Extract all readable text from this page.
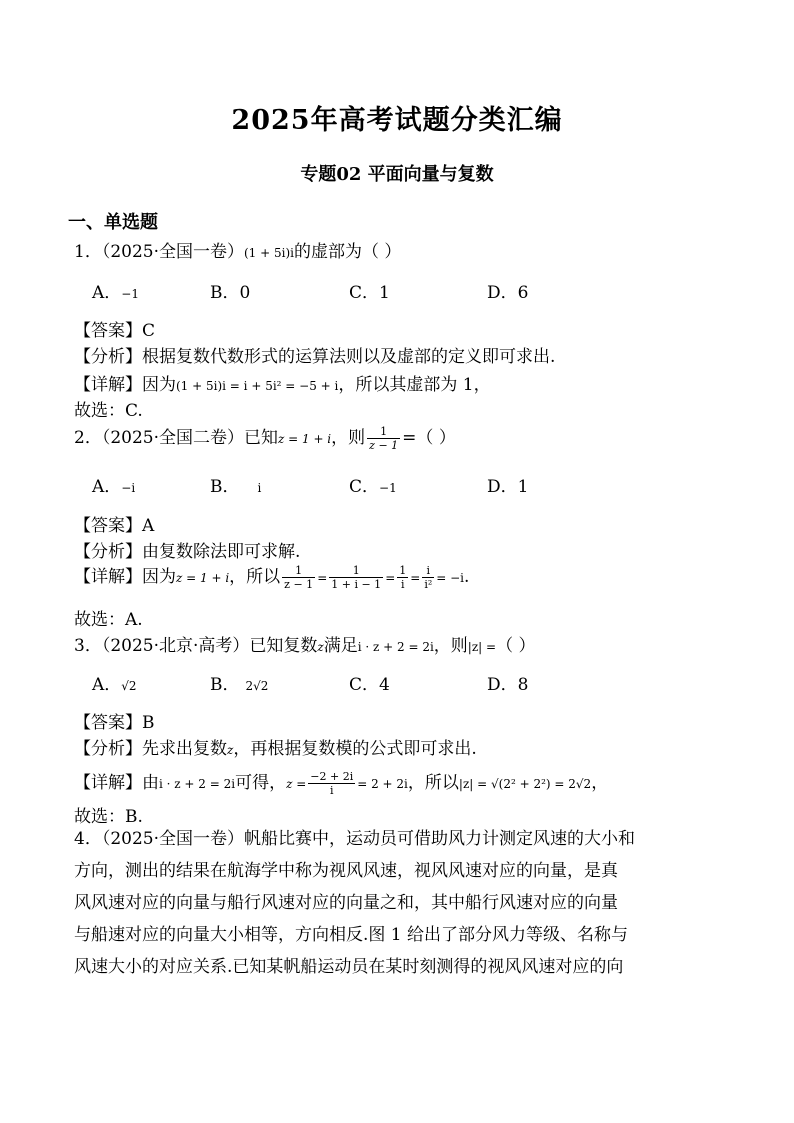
2025年高考试题分类汇编
专题02 平面向量与复数
一、单选题
1．（2025·全国一卷）(1 + 5i)i的虚部为（ ）
A．−1	B．0	C．1	D．6
【答案】C
【分析】根据复数代数形式的运算法则以及虚部的定义即可求出.
【详解】因为(1 + 5i)i = i + 5i² = −5 + i，所以其虚部为 1，
故选：C.
2．（2025·全国二卷）已知z = 1 + i，则 $\frac{1}{z - 1}$ =（ ）
A．−i	B． i	C．−1	D．1
【答案】A
【分析】由复数除法即可求解.
【详解】因为z = 1 + i，所以 $\frac{1}{z - 1} = \frac{1}{1 + i - 1} = \frac{1}{i} = \frac{i}{\text{i²}} = -i$.
故选：A.
3．（2025·北京·高考）已知复数z满足i · z + 2 = 2i，则|z| =（ ）
A．√2	B． 2√2	C．4	D．8
【答案】B
【分析】先求出复数z，再根据复数模的公式即可求出.
【详解】由i · z + 2 = 2i可得，$z = \frac{-2 + 2i}{i} = 2 + 2i$，所以|z| = √(2² + 2²) = 2√2，
故选：B.
4．（2025·全国一卷）帆船比赛中，运动员可借助风力计测定风速的大小和
方向，测出的结果在航海学中称为视风风速，视风风速对应的向量，是真
风风速对应的向量与船行风速对应的向量之和，其中船行风速对应的向量
与船速对应的向量大小相等，方向相反.图 1 给出了部分风力等级、名称与
风速大小的对应关系.已知某帆船运动员在某时刻测得的视风风速对应的向
